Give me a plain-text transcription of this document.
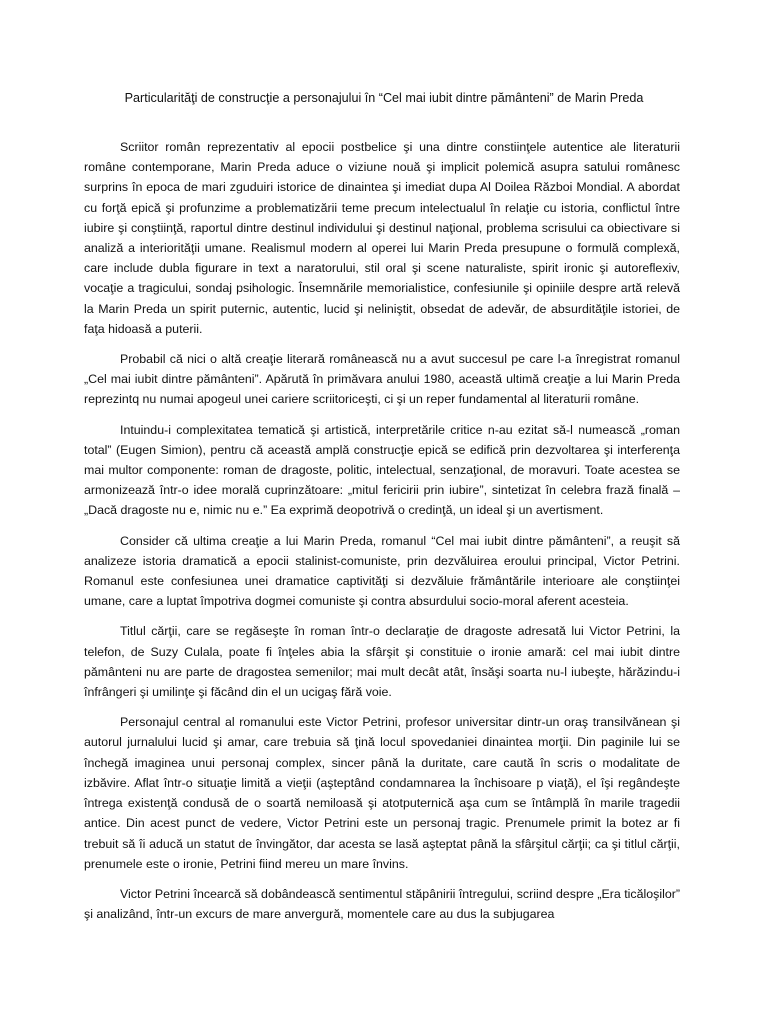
Particularităţi de construcţie a personajului în “Cel mai iubit dintre pământeni” de Marin Preda

Scriitor român reprezentativ al epocii postbelice şi una dintre constiinţele autentice ale literaturii române contemporane, Marin Preda aduce o viziune nouă şi implicit polemică asupra satului românesc surprins în epoca de mari zguduiri istorice de dinaintea şi imediat dupa Al Doilea Război Mondial. A abordat cu forţă epică şi profunzime a problematizării teme precum intelectualul în relaţie cu istoria, conflictul între iubire şi conştiinţă, raportul dintre destinul individului şi destinul naţional, problema scrisului ca obiectivare si analiză a interiorităţii umane. Realismul modern al operei lui Marin Preda presupune o formulă complexă, care include dubla figurare in text a naratorului, stil oral şi scene naturaliste, spirit ironic şi autoreflexiv, vocaţie a tragicului, sondaj psihologic. Însemnările memorialistice, confesiunile şi opiniile despre artă relevă la Marin Preda un spirit puternic, autentic, lucid şi neliniştit, obsedat de adevăr, de absurdităţile istoriei, de faţa hidoasă a puterii.

Probabil că nici o altă creaţie literară românească nu a avut succesul pe care l-a înregistrat romanul „Cel mai iubit dintre pământeni”. Apărută în primăvara anului 1980, această ultimă creaţie a lui Marin Preda reprezintq nu numai apogeul unei cariere scriitoriceşti, ci şi un reper fundamental al literaturii române.

Intuindu-i complexitatea tematică şi artistică, interpretările critice n-au ezitat să-l numească „roman total” (Eugen Simion), pentru că această amplă construcţie epică se edifică prin dezvoltarea şi interferenţa mai multor componente: roman de dragoste, politic, intelectual, senzaţional, de moravuri. Toate acestea se armonizează într-o idee morală cuprinzătoare: „mitul fericirii prin iubire”, sintetizat în celebra frază finală – „Dacă dragoste nu e, nimic nu e.” Ea exprimă deopotrivă o credinţă, un ideal şi un avertisment.

Consider că ultima creaţie a lui Marin Preda, romanul “Cel mai iubit dintre pământeni”, a reuşit să analizeze istoria dramatică a epocii stalinist-comuniste, prin dezvăluirea eroului principal, Victor Petrini. Romanul este confesiunea unei dramatice captivităţi si dezvăluie frământările interioare ale conştiinţei umane, care a luptat împotriva dogmei comuniste şi contra absurdului socio-moral aferent acesteia.

Titlul cărţii, care se regăseşte în roman într-o declaraţie de dragoste adresată lui Victor Petrini, la telefon, de Suzy Culala, poate fi înţeles abia la sfârşit şi constituie o ironie amară: cel mai iubit dintre pământeni nu are parte de dragostea semenilor; mai mult decât atât, însăşi soarta nu-l iubeşte, hărăzindu-i înfrângeri şi umilinţe şi făcând din el un ucigaş fără voie.

Personajul central al romanului este Victor Petrini, profesor universitar dintr-un oraş transilvănean şi autorul jurnalului lucid şi amar, care trebuia să ţină locul spovedaniei dinaintea morţii. Din paginile lui se închegă imaginea unui personaj complex, sincer până la duritate, care caută în scris o modalitate de izbăvire. Aflat într-o situaţie limită a vieţii (aşteptând condamnarea la închisoare p viaţă), el îşi regândeşte întrega existenţă condusă de o soartă nemiloasă şi atotputernică aşa cum se întâmplă în marile tragedii antice. Din acest punct de vedere, Victor Petrini este un personaj tragic. Prenumele primit la botez ar fi trebuit să îi aducă un statut de învingător, dar acesta se lasă aşteptat până la sfârşitul cărţii; ca şi titlul cărţii, prenumele este o ironie, Petrini fiind mereu un mare învins.

Victor Petrini încearcă să dobândească sentimentul stăpânirii întregului, scriind despre „Era ticăloşilor” şi analizând, într-un excurs de mare anvergură, momentele care au dus la subjugarea
